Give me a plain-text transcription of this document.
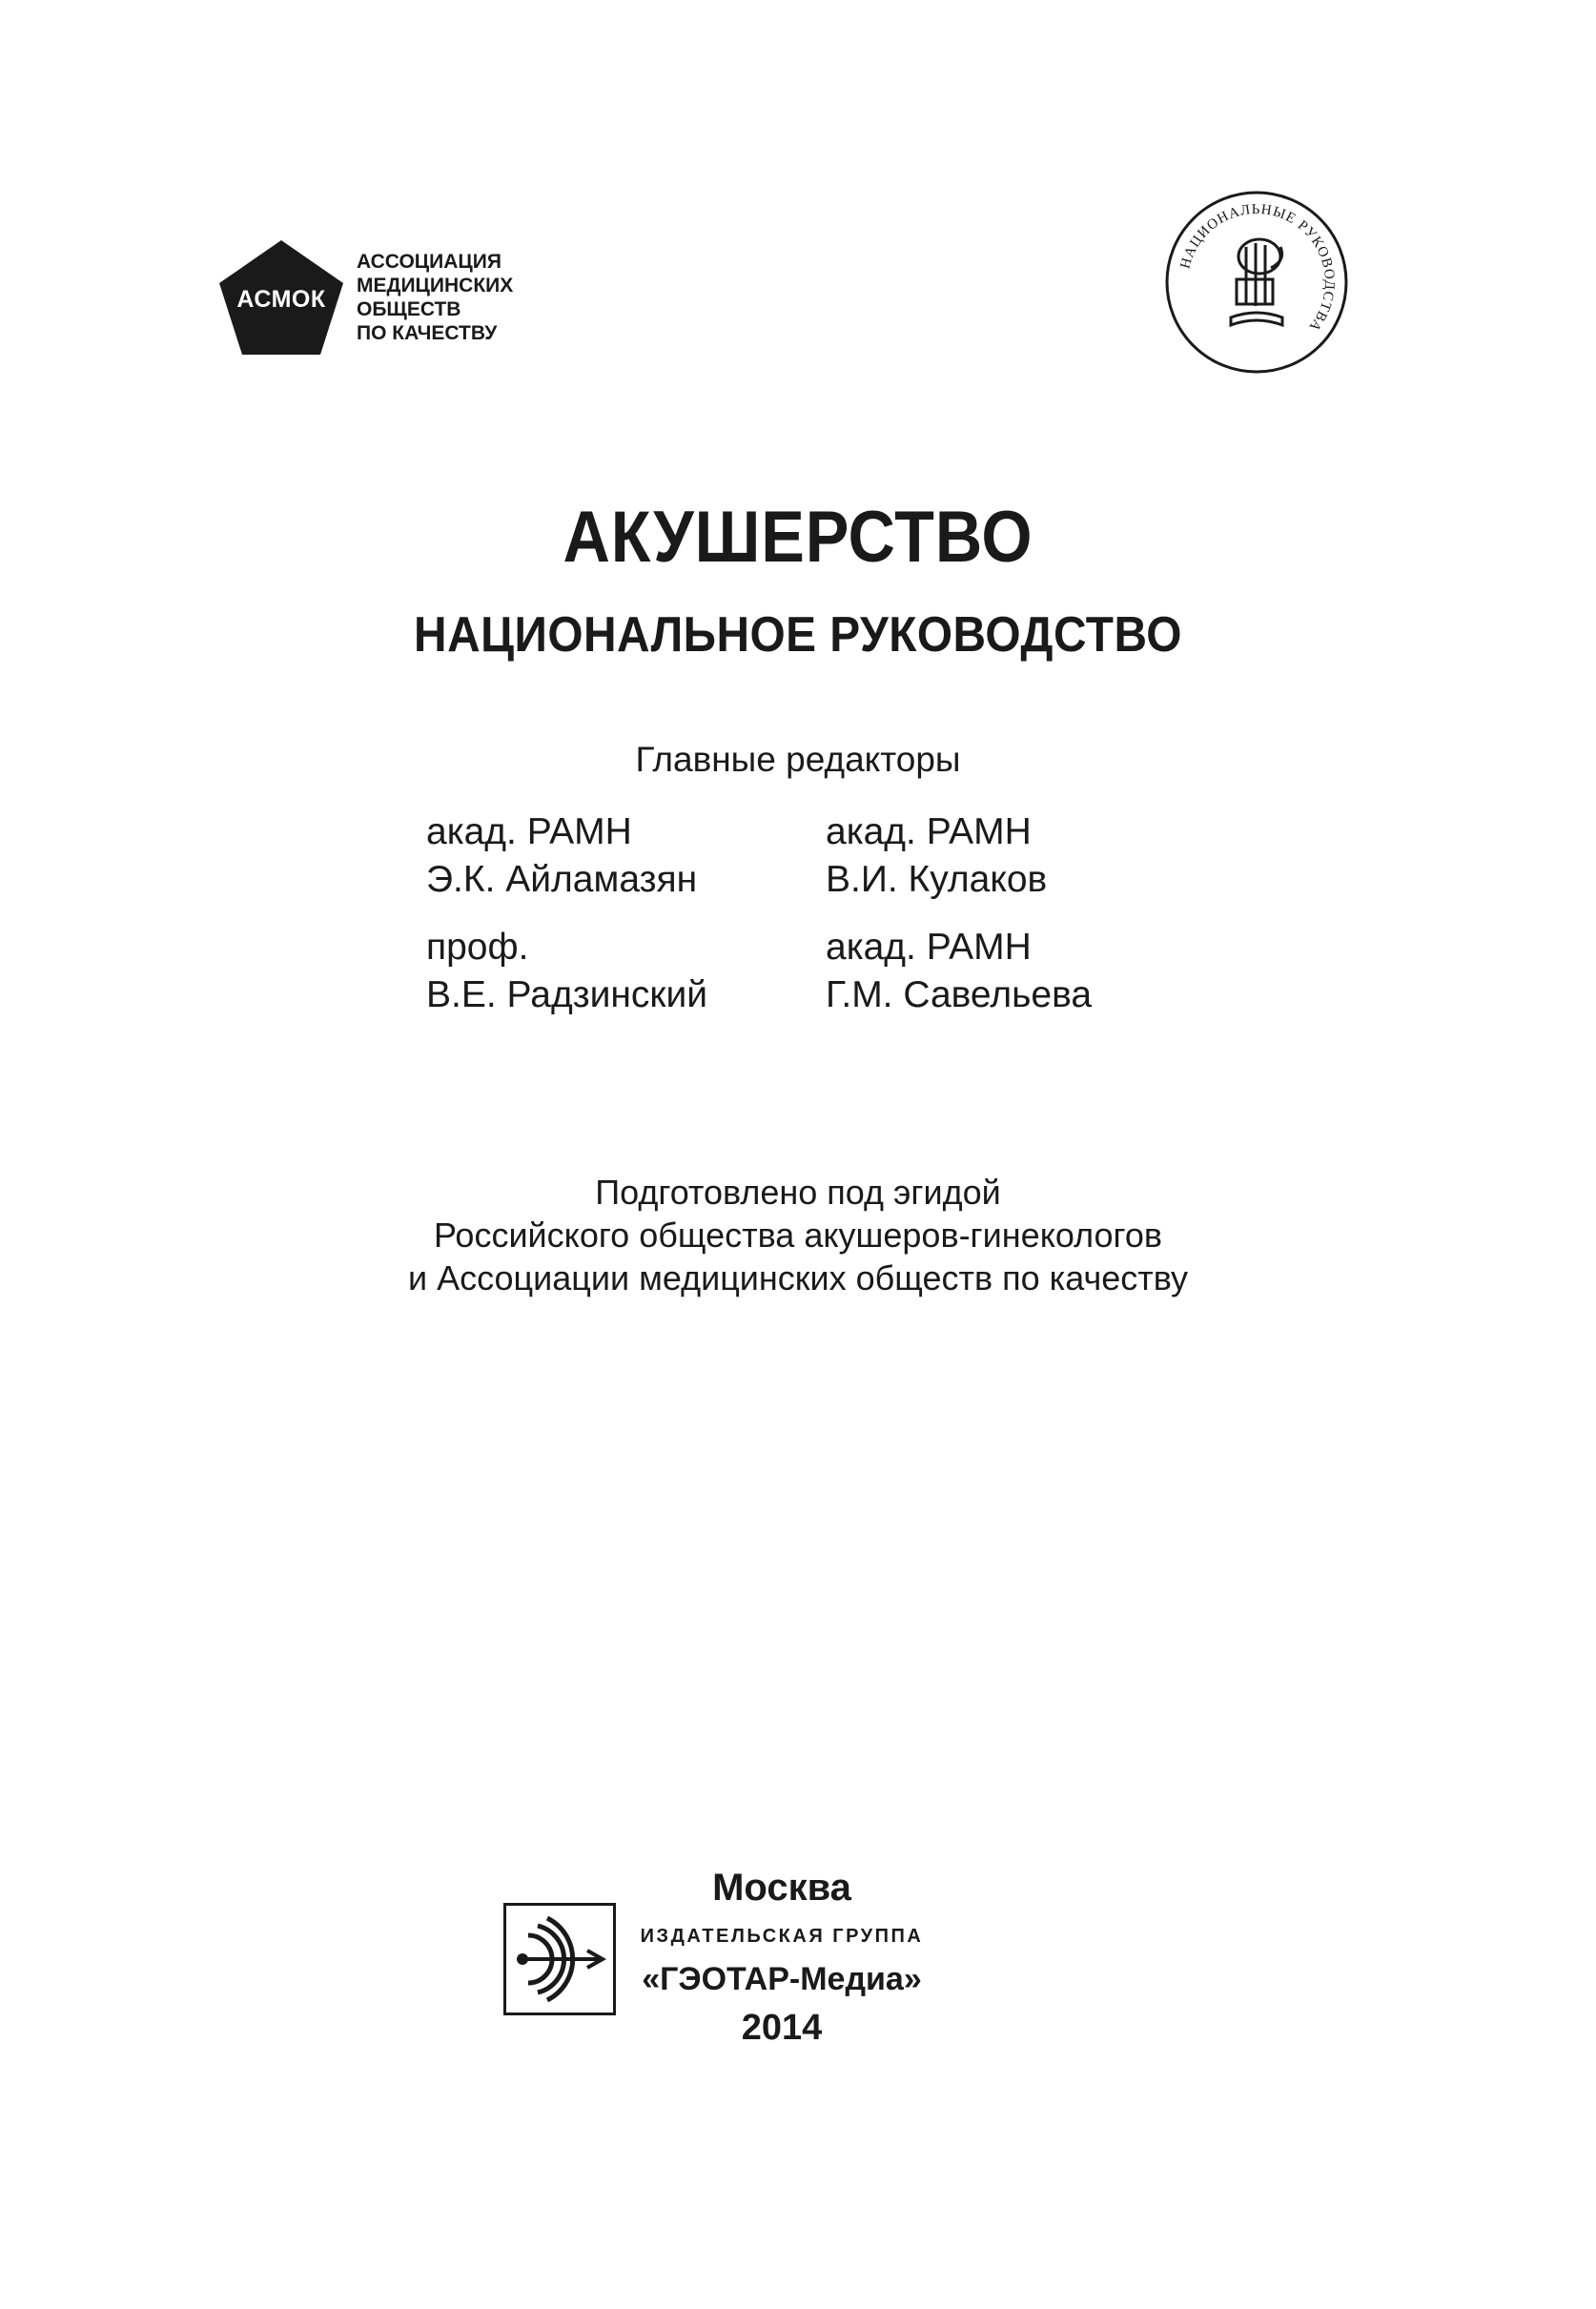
АСМОК
АССОЦИАЦИЯ
МЕДИЦИНСКИХ
ОБЩЕСТВ
ПО КАЧЕСТВУ
НАЦИОНАЛЬНЫЕ РУКОВОДСТВА
АКУШЕРСТВО
НАЦИОНАЛЬНОЕ РУКОВОДСТВО
Главные редакторы
акад. РАМН
Э.К. Айламазян
акад. РАМН
В.И. Кулаков
проф.
В.Е. Радзинский
акад. РАМН
Г.М. Савельева
Подготовлено под эгидой
Российского общества акушеров-гинекологов
и Ассоциации медицинских обществ по качеству
Москва
ИЗДАТЕЛЬСКАЯ ГРУППА
«ГЭОТАР-Медиа»
2014
